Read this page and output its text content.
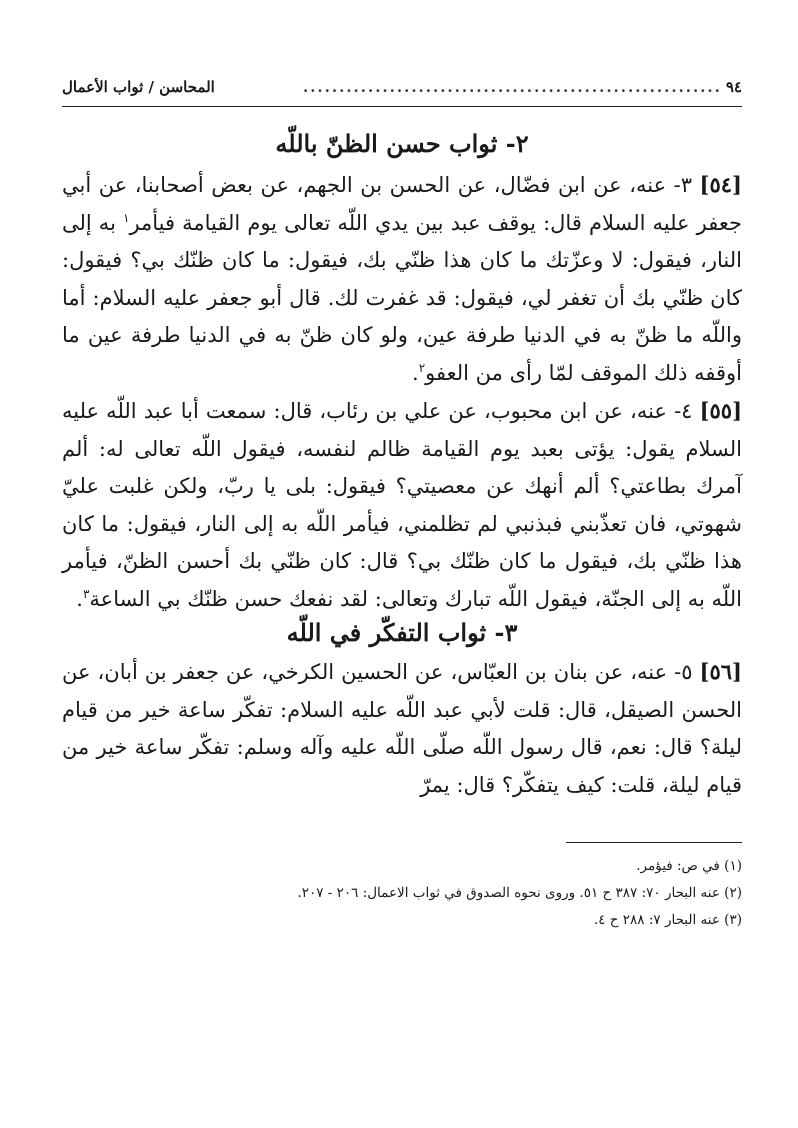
٩٤
..........................................................
المحاسن / ثواب الأعمال
٢- ثواب حسن الظنّ باللّه

[٥٤] ٣- عنه، عن ابن فضّال، عن الحسن بن الجهم، عن بعض أصحابنا، عن أبي جعفر عليه السلام قال: يوقف عبد بين يدي اللّه تعالى يوم القيامة فيأمر$^١$ به إلى النار، فيقول: لا وعزّتك ما كان هذا ظنّي بك، فيقول: ما كان ظنّك بي؟ فيقول: كان ظنّي بك أن تغفر لي، فيقول: قد غفرت لك. قال أبو جعفر عليه السلام: أما واللّه ما ظنّ به في الدنيا طرفة عين، ولو كان ظنّ به في الدنيا طرفة عين ما أوقفه ذلك الموقف لمّا رأى من العفو$^٢$.

[٥٥] ٤- عنه، عن ابن محبوب، عن علي بن رئاب، قال: سمعت أبا عبد اللّه عليه السلام يقول: يؤتى بعبد يوم القيامة ظالم لنفسه، فيقول اللّه تعالى له: ألم آمرك بطاعتي؟ ألم أنهك عن معصيتي؟ فيقول: بلى يا ربّ، ولكن غلبت عليّ شهوتي، فان تعذّبني فبذنبي لم تظلمني، فيأمر اللّه به إلى النار، فيقول: ما كان هذا ظنّي بك، فيقول ما كان ظنّك بي؟ قال: كان ظنّي بك أحسن الظنّ، فيأمر اللّه به إلى الجنّة، فيقول اللّه تبارك وتعالى: لقد نفعك حسن ظنّك بي الساعة$^٣$.

٣- ثواب التفكّر في اللّه

[٥٦] ٥- عنه، عن بنان بن العبّاس، عن الحسين الكرخي، عن جعفر بن أبان، عن الحسن الصيقل، قال: قلت لأبي عبد اللّه عليه السلام: تفكّر ساعة خير من قيام ليلة؟ قال: نعم، قال رسول اللّه صلّى اللّه عليه وآله وسلم: تفكّر ساعة خير من قيام ليلة، قلت: كيف يتفكّر؟ قال: يمرّ

(١) في ص: فيؤمر.

(٢) عنه البحار ٧٠: ٣٨٧ ح ٥١. وروى نحوه الصدوق في ثواب الاعمال: ٢٠٦ - ٢٠٧.

(٣) عنه البحار ٧: ٢٨٨ ح ٤.
